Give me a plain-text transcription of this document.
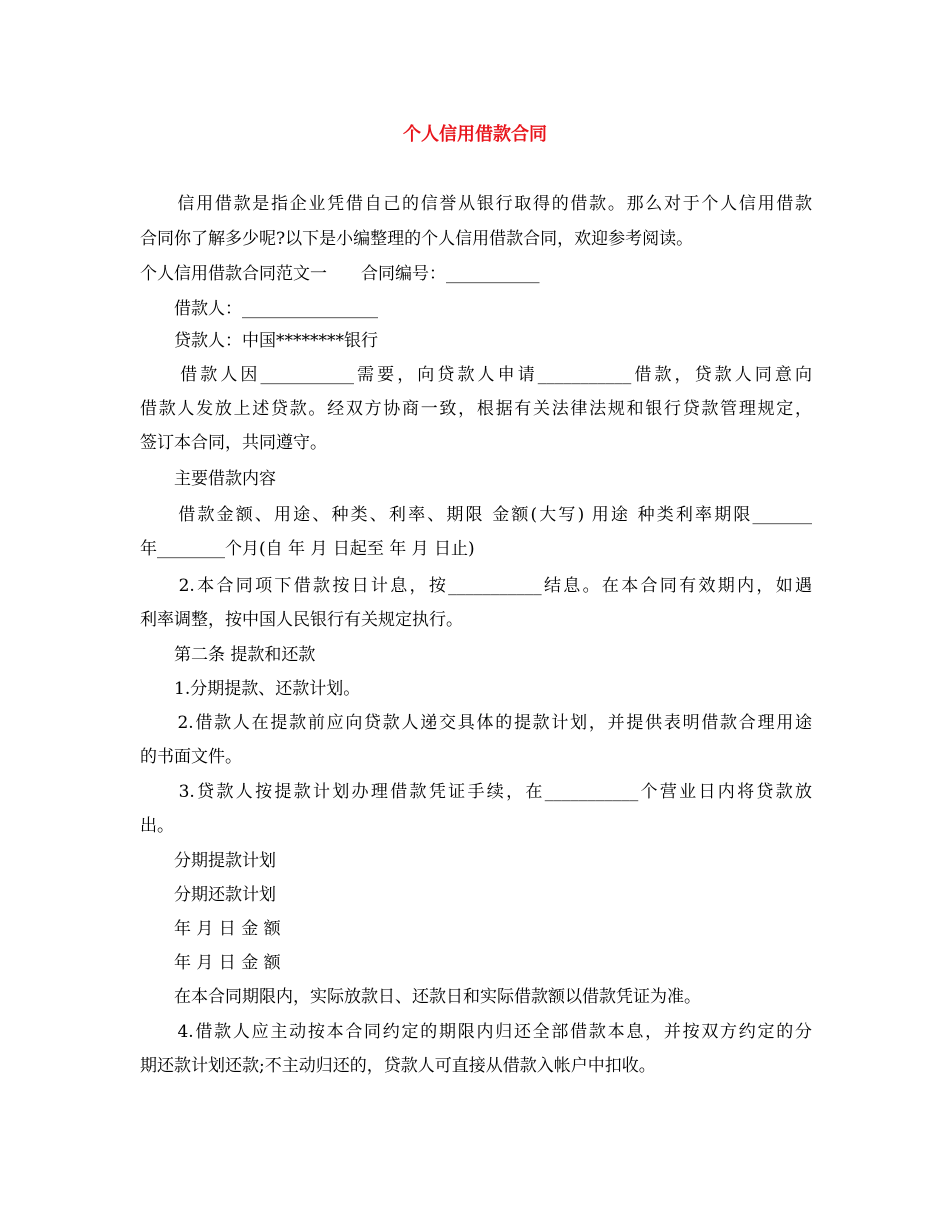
个人信用借款合同
　　信用借款是指企业凭借自己的信誉从银行取得的借款。那么对于个人信用借款
合同你了解多少呢?以下是小编整理的个人信用借款合同，欢迎参考阅读。
个人信用借款合同范文一　　合同编号：___________
　　借款人：________________
　　贷款人：中国********银行
　　借款人因___________需要，向贷款人申请___________借款，贷款人同意向
借款人发放上述贷款。经双方协商一致，根据有关法律法规和银行贷款管理规定，
签订本合同，共同遵守。
　　主要借款内容
　　借款金额、用途、种类、利率、期限 金额(大写) 用途 种类利率期限_______
年________个月(自 年 月 日起至 年 月 日止)
　　2.本合同项下借款按日计息，按___________结息。在本合同有效期内，如遇
利率调整，按中国人民银行有关规定执行。
　　第二条 提款和还款
　　1.分期提款、还款计划。
　　2.借款人在提款前应向贷款人递交具体的提款计划，并提供表明借款合理用途
的书面文件。
　　3.贷款人按提款计划办理借款凭证手续，在___________个营业日内将贷款放
出。
　　分期提款计划
　　分期还款计划
　　年 月 日 金 额
　　年 月 日 金 额
　　在本合同期限内，实际放款日、还款日和实际借款额以借款凭证为准。
　　4.借款人应主动按本合同约定的期限内归还全部借款本息，并按双方约定的分
期还款计划还款;不主动归还的，贷款人可直接从借款入帐户中扣收。
